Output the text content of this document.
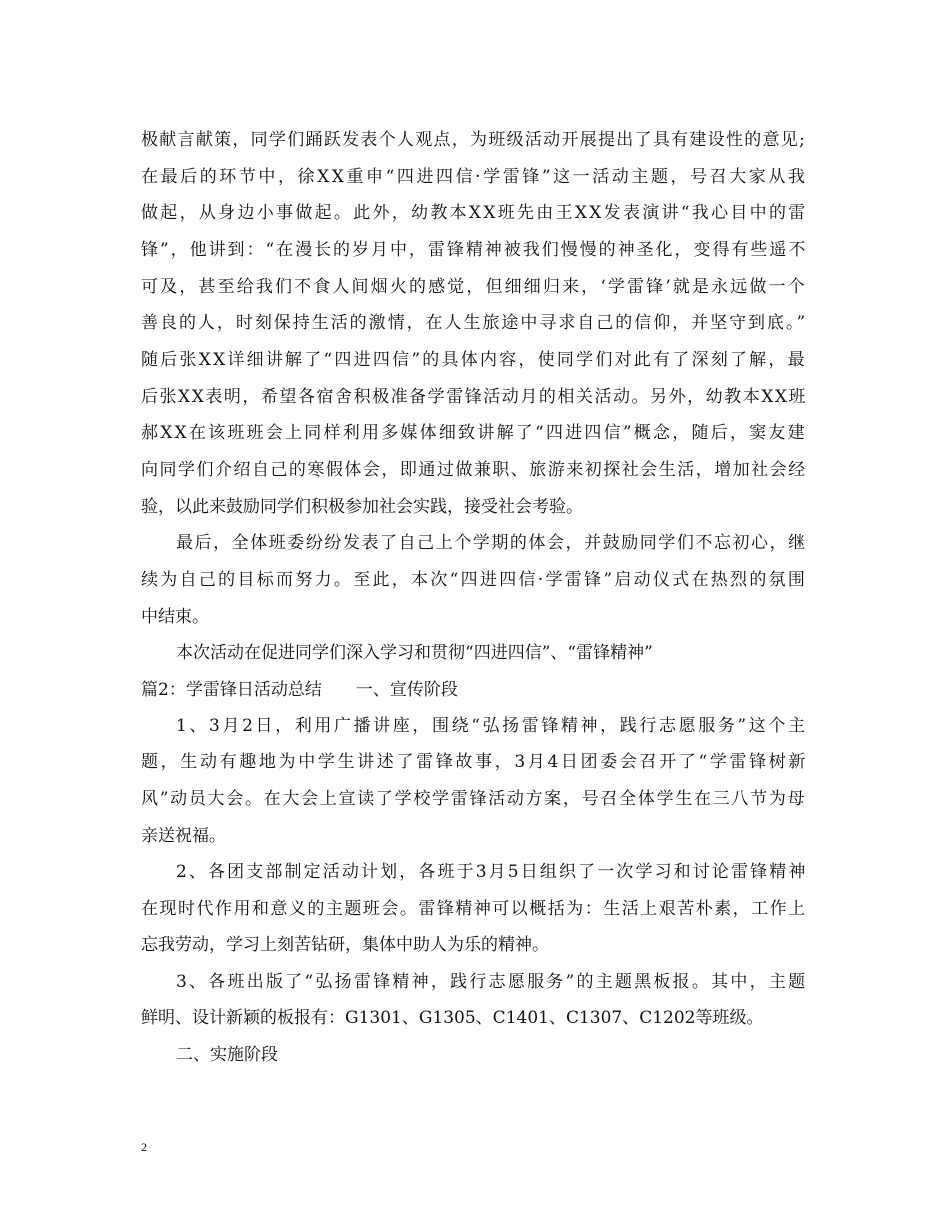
极献言献策，同学们踊跃发表个人观点，为班级活动开展提出了具有建设性的意见;
在最后的环节中，徐XX重申“四进四信·学雷锋”这一活动主题，号召大家从我
做起，从身边小事做起。此外，幼教本XX班先由王XX发表演讲“我心目中的雷
锋”，他讲到：“在漫长的岁月中，雷锋精神被我们慢慢的神圣化，变得有些遥不
可及，甚至给我们不食人间烟火的感觉，但细细归来，‘学雷锋’就是永远做一个
善良的人，时刻保持生活的激情，在人生旅途中寻求自己的信仰，并坚守到底。”
随后张XX详细讲解了“四进四信”的具体内容，使同学们对此有了深刻了解，最
后张XX表明，希望各宿舍积极准备学雷锋活动月的相关活动。另外，幼教本XX班
郝XX在该班班会上同样利用多媒体细致讲解了“四进四信”概念，随后，窦友建
向同学们介绍自己的寒假体会，即通过做兼职、旅游来初探社会生活，增加社会经
验，以此来鼓励同学们积极参加社会实践，接受社会考验。
最后，全体班委纷纷发表了自己上个学期的体会，并鼓励同学们不忘初心，继
续为自己的目标而努力。至此，本次“四进四信·学雷锋”启动仪式在热烈的氛围
中结束。
本次活动在促进同学们深入学习和贯彻“四进四信”、“雷锋精神”
篇2：学雷锋日活动总结　　一、宣传阶段
1、3月2日，利用广播讲座，围绕“弘扬雷锋精神，践行志愿服务”这个主
题，生动有趣地为中学生讲述了雷锋故事，3月4日团委会召开了“学雷锋树新
风”动员大会。在大会上宣读了学校学雷锋活动方案，号召全体学生在三八节为母
亲送祝福。
2、各团支部制定活动计划，各班于3月5日组织了一次学习和讨论雷锋精神
在现时代作用和意义的主题班会。雷锋精神可以概括为：生活上艰苦朴素，工作上
忘我劳动，学习上刻苦钻研，集体中助人为乐的精神。
3、各班出版了“弘扬雷锋精神，践行志愿服务”的主题黑板报。其中，主题
鲜明、设计新颖的板报有：G1301、G1305、C1401、C1307、C1202等班级。
二、实施阶段
2
